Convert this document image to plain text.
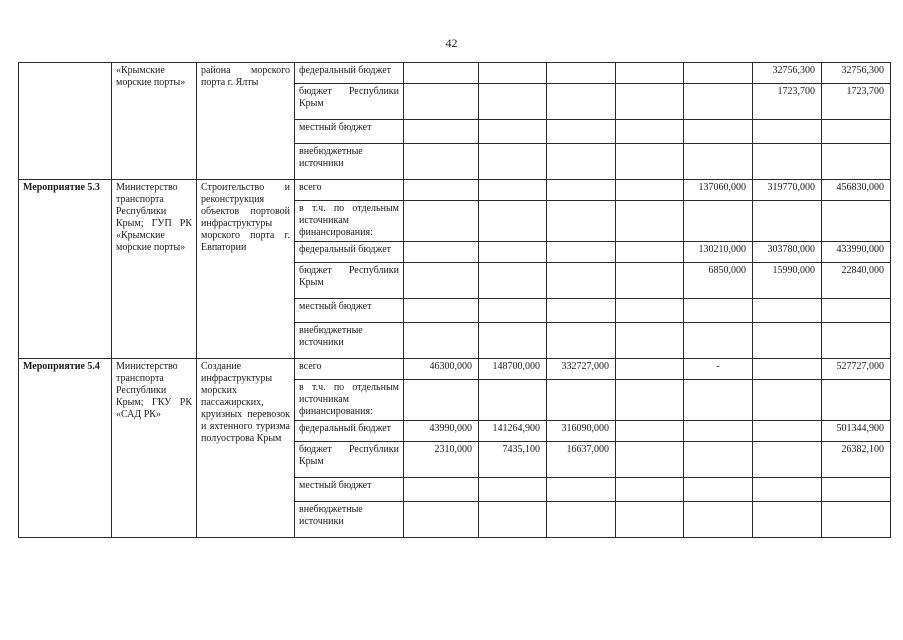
42
	«Крымские морские порты»	района морского порта г. Ялты	федеральный бюджет						32756,300	32756,300
			бюджет Республики Крым						1723,700	1723,700
			местный бюджет							
			внебюджетные источники							
Мероприятие 5.3	Министерство транспорта Республики Крым; ГУП РК «Крымские морские порты»	Строительство и реконструкция объектов портовой инфраструктуры морского порта г. Евпатории	всего					137060,000	319770,000	456830,000
			в т.ч. по отдельным источникам финансирования:							
			федеральный бюджет					130210,000	303780,000	433990,000
			бюджет Республики Крым					6850,000	15990,000	22840,000
			местный бюджет							
			внебюджетные источники							
Мероприятие 5.4	Министерство транспорта Республики Крым; ГКУ РК «САД РК»	Создание инфраструктуры морских пассажирских, круизных перевозок и яхтенного туризма полуострова Крым	всего	46300,000	148700,000	332727,000		-		527727,000
			в т.ч. по отдельным источникам финансирования:							
			федеральный бюджет	43990,000	141264,900	316090,000				501344,900
			бюджет Республики Крым	2310,000	7435,100	16637,000				26382,100
			местный бюджет							
			внебюджетные источники							
